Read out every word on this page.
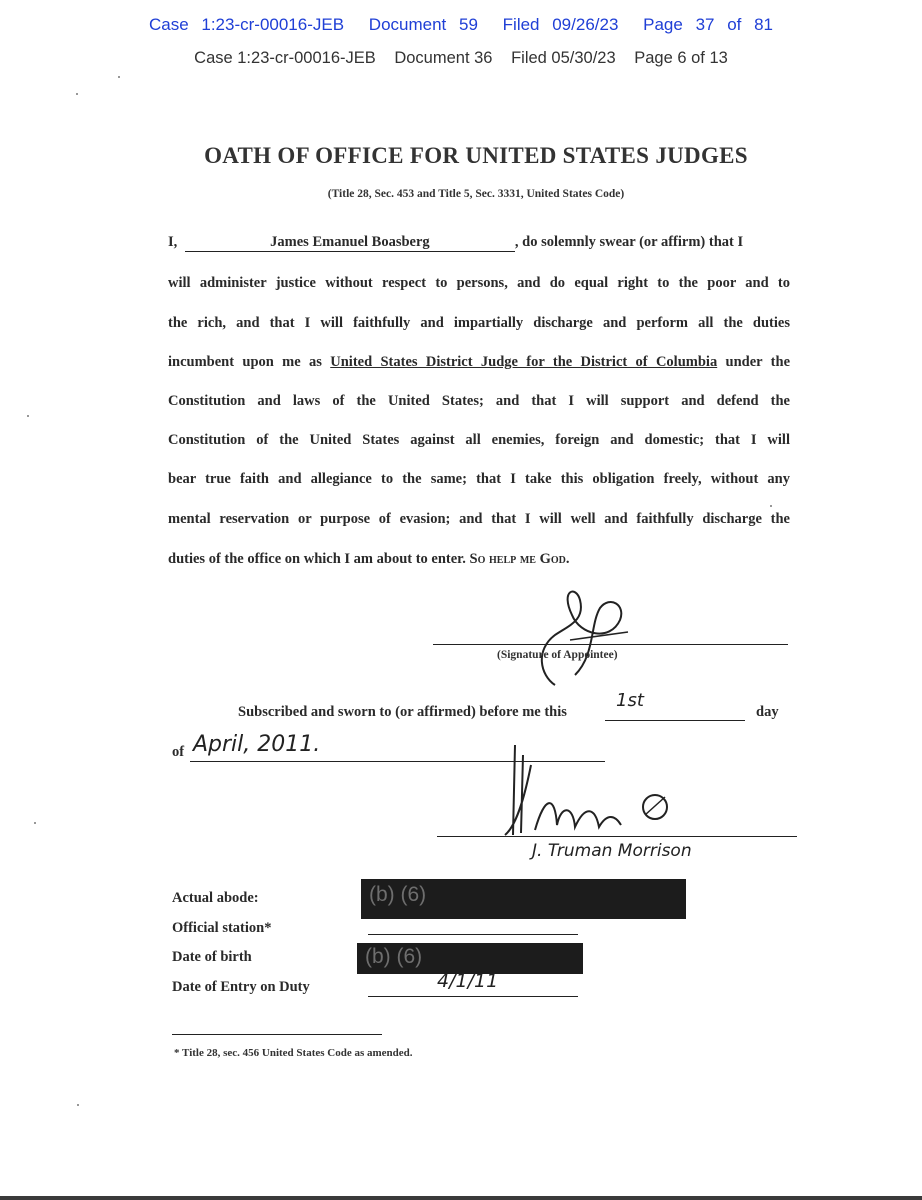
Case 1:23-cr-00016-JEB Document 59 Filed 09/26/23 Page 37 of 81
Case 1:23-cr-00016-JEB Document 36 Filed 05/30/23 Page 6 of 13
OATH OF OFFICE FOR UNITED STATES JUDGES
(Title 28, Sec. 453 and Title 5, Sec. 3331, United States Code)
I,	James Emanuel Boasberg	, do solemnly swear (or affirm) that I
will administer justice without respect to persons, and do equal right to the poor and to
the rich, and that I will faithfully and impartially discharge and perform all the duties
incumbent upon me as United States District Judge for the District of Columbia under the
Constitution and laws of the United States; and that I will support and defend the
Constitution of the United States against all enemies, foreign and domestic; that I will
bear true faith and allegiance to the same; that I take this obligation freely, without any
mental reservation or purpose of evasion; and that I will well and faithfully discharge the
duties of the office on which I am about to enter. So help me God.
(Signature of Appointee)
Subscribed and sworn to (or affirmed) before me this
1st
day
of April, 2011.
J. Truman Morrison
Actual abode:	(b) (6)
Official station*
Date of birth	(b) (6)
Date of Entry on Duty	4/1/11
* Title 28, sec. 456 United States Code as amended.
